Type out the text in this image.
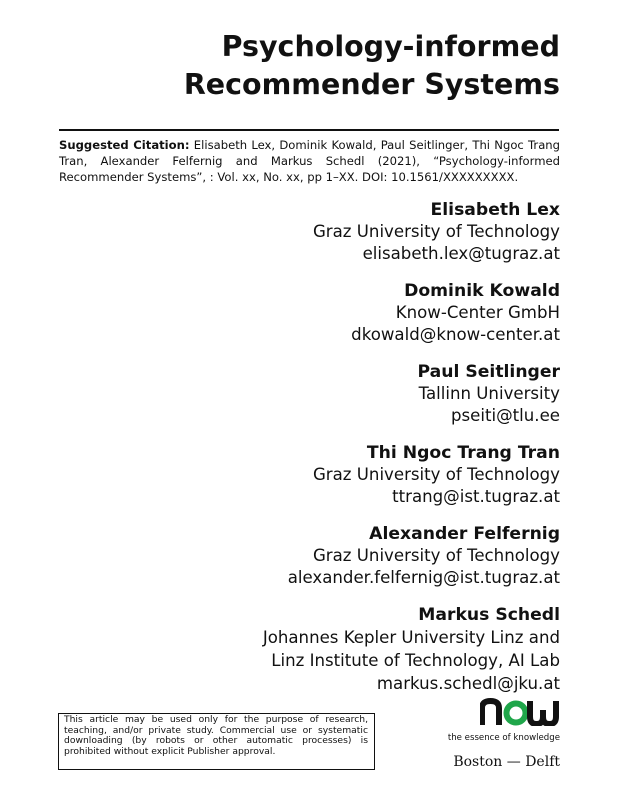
Psychology-informed
Recommender Systems
Suggested Citation: Elisabeth Lex, Dominik Kowald, Paul Seitlinger, Thi Ngoc Trang Tran, Alexander Felfernig and Markus Schedl (2021), “Psychology-informed Recommender Systems”, : Vol. xx, No. xx, pp 1–XX. DOI: 10.1561/XXXXXXXXX.
Elisabeth Lex
Graz University of Technology
elisabeth.lex@tugraz.at
Dominik Kowald
Know-Center GmbH
dkowald@know-center.at
Paul Seitlinger
Tallinn University
pseiti@tlu.ee
Thi Ngoc Trang Tran
Graz University of Technology
ttrang@ist.tugraz.at
Alexander Felfernig
Graz University of Technology
alexander.felfernig@ist.tugraz.at
Markus Schedl
Johannes Kepler University Linz and
Linz Institute of Technology, AI Lab
markus.schedl@jku.at
This article may be used only for the purpose of research, teaching, and/or private study. Commercial use or systematic downloading (by robots or other automatic processes) is prohibited without explicit Publisher approval.
the essence of knowledge
Boston — Delft
